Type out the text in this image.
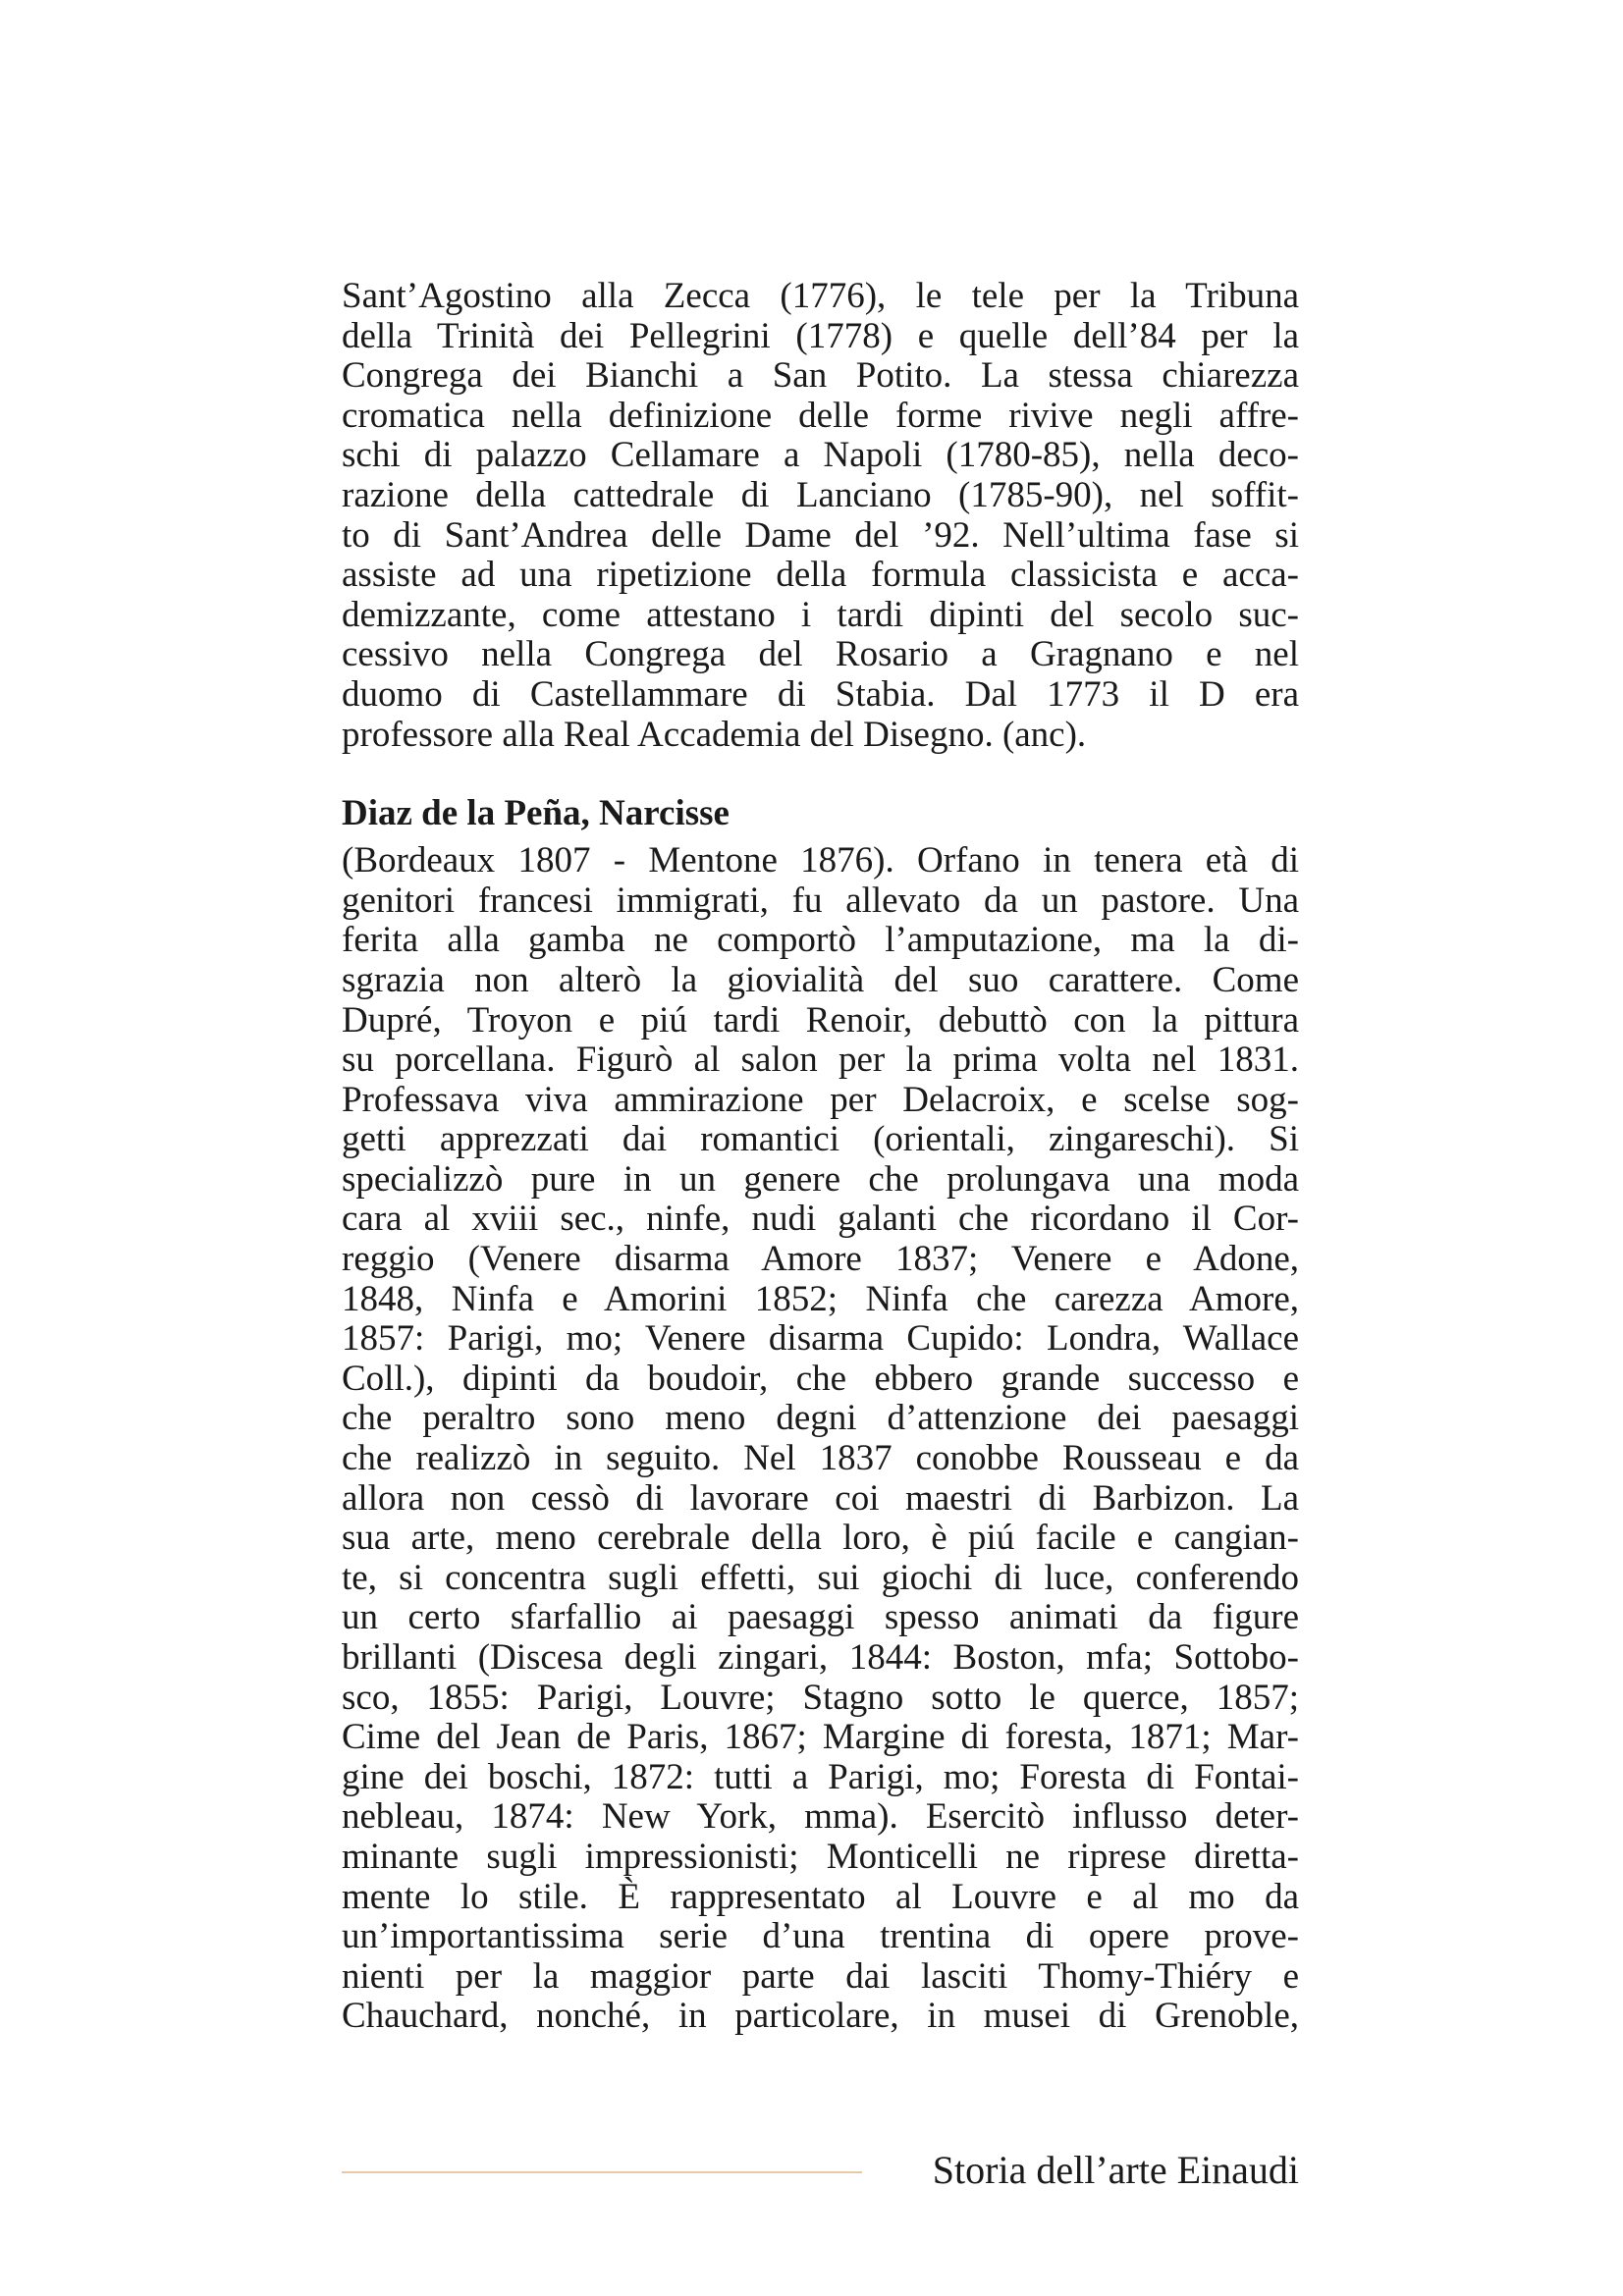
Sant’Agostino alla Zecca (1776), le tele per la Tribuna
della Trinità dei Pellegrini (1778) e quelle dell’84 per la
Congrega dei Bianchi a San Potito. La stessa chiarezza
cromatica nella definizione delle forme rivive negli affre-
schi di palazzo Cellamare a Napoli (1780-85), nella deco-
razione della cattedrale di Lanciano (1785-90), nel soffit-
to di Sant’Andrea delle Dame del ’92. Nell’ultima fase si
assiste ad una ripetizione della formula classicista e acca-
demizzante, come attestano i tardi dipinti del secolo suc-
cessivo nella Congrega del Rosario a Gragnano e nel
duomo di Castellammare di Stabia. Dal 1773 il D era
professore alla Real Accademia del Disegno. (anc).

Diaz de la Peña, Narcisse

(Bordeaux 1807 - Mentone 1876). Orfano in tenera età di
genitori francesi immigrati, fu allevato da un pastore. Una
ferita alla gamba ne comportò l’amputazione, ma la di-
sgrazia non alterò la giovialità del suo carattere. Come
Dupré, Troyon e piú tardi Renoir, debuttò con la pittura
su porcellana. Figurò al salon per la prima volta nel 1831.
Professava viva ammirazione per Delacroix, e scelse sog-
getti apprezzati dai romantici (orientali, zingareschi). Si
specializzò pure in un genere che prolungava una moda
cara al xviii sec., ninfe, nudi galanti che ricordano il Cor-
reggio (Venere disarma Amore 1837; Venere e Adone,
1848, Ninfa e Amorini 1852; Ninfa che carezza Amore,
1857: Parigi, mo; Venere disarma Cupido: Londra, Wallace
Coll.), dipinti da boudoir, che ebbero grande successo e
che peraltro sono meno degni d’attenzione dei paesaggi
che realizzò in seguito. Nel 1837 conobbe Rousseau e da
allora non cessò di lavorare coi maestri di Barbizon. La
sua arte, meno cerebrale della loro, è piú facile e cangian-
te, si concentra sugli effetti, sui giochi di luce, conferendo
un certo sfarfallio ai paesaggi spesso animati da figure
brillanti (Discesa degli zingari, 1844: Boston, mfa; Sottobo-
sco, 1855: Parigi, Louvre; Stagno sotto le querce, 1857;
Cime del Jean de Paris, 1867; Margine di foresta, 1871; Mar-
gine dei boschi, 1872: tutti a Parigi, mo; Foresta di Fontai-
nebleau, 1874: New York, mma). Esercitò influsso deter-
minante sugli impressionisti; Monticelli ne riprese diretta-
mente lo stile. È rappresentato al Louvre e al mo da
un’importantissima serie d’una trentina di opere prove-
nienti per la maggior parte dai lasciti Thomy-Thiéry e
Chauchard, nonché, in particolare, in musei di Grenoble,

Storia dell’arte Einaudi
